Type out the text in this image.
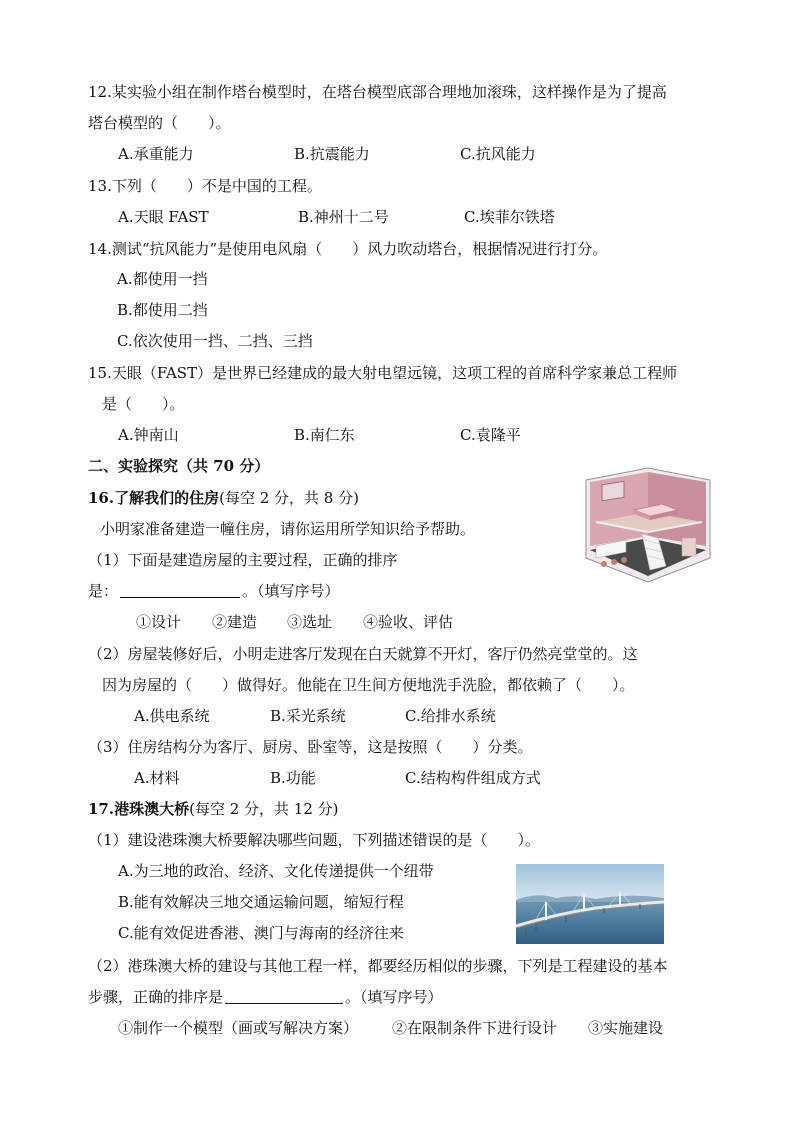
12.某实验小组在制作塔台模型时，在塔台模型底部合理地加滚珠，这样操作是为了提高
塔台模型的（　　）。
A.承重能力	B.抗震能力	C.抗风能力
13.下列（　　）不是中国的工程。
A.天眼 FAST	B.神州十二号	C.埃菲尔铁塔
14.测试“抗风能力”是使用电风扇（　　）风力吹动塔台，根据情况进行打分。
A.都使用一挡
B.都使用二挡
C.依次使用一挡、二挡、三挡
15.天眼（FAST）是世界已经建成的最大射电望远镜，这项工程的首席科学家兼总工程师
是（　　）。
A.钟南山	B.南仁东	C.袁隆平
二、实验探究（共 70 分）
16.了解我们的住房(每空 2 分，共 8 分)
小明家准备建造一幢住房，请你运用所学知识给予帮助。
（1）下面是建造房屋的主要过程，正确的排序
是：	。（填写序号）
①设计 ②建造 ③选址 ④验收、评估
（2）房屋装修好后，小明走进客厅发现在白天就算不开灯，客厅仍然亮堂堂的。这
因为房屋的（　　）做得好。他能在卫生间方便地洗手洗脸，都依赖了（　　）。
A.供电系统	B.采光系统	C.给排水系统
（3）住房结构分为客厅、厨房、卧室等，这是按照（　　）分类。
A.材料	B.功能	C.结构构件组成方式
17.港珠澳大桥(每空 2 分，共 12 分)
（1）建设港珠澳大桥要解决哪些问题，下列描述错误的是（　　）。
A.为三地的政治、经济、文化传递提供一个纽带
B.能有效解决三地交通运输问题，缩短行程
C.能有效促进香港、澳门与海南的经济往来
（2）港珠澳大桥的建设与其他工程一样，都要经历相似的步骤，下列是工程建设的基本
步骤，正确的排序是	。（填写序号）
①制作一个模型（画或写解决方案） ②在限制条件下进行设计 ③实施建设
